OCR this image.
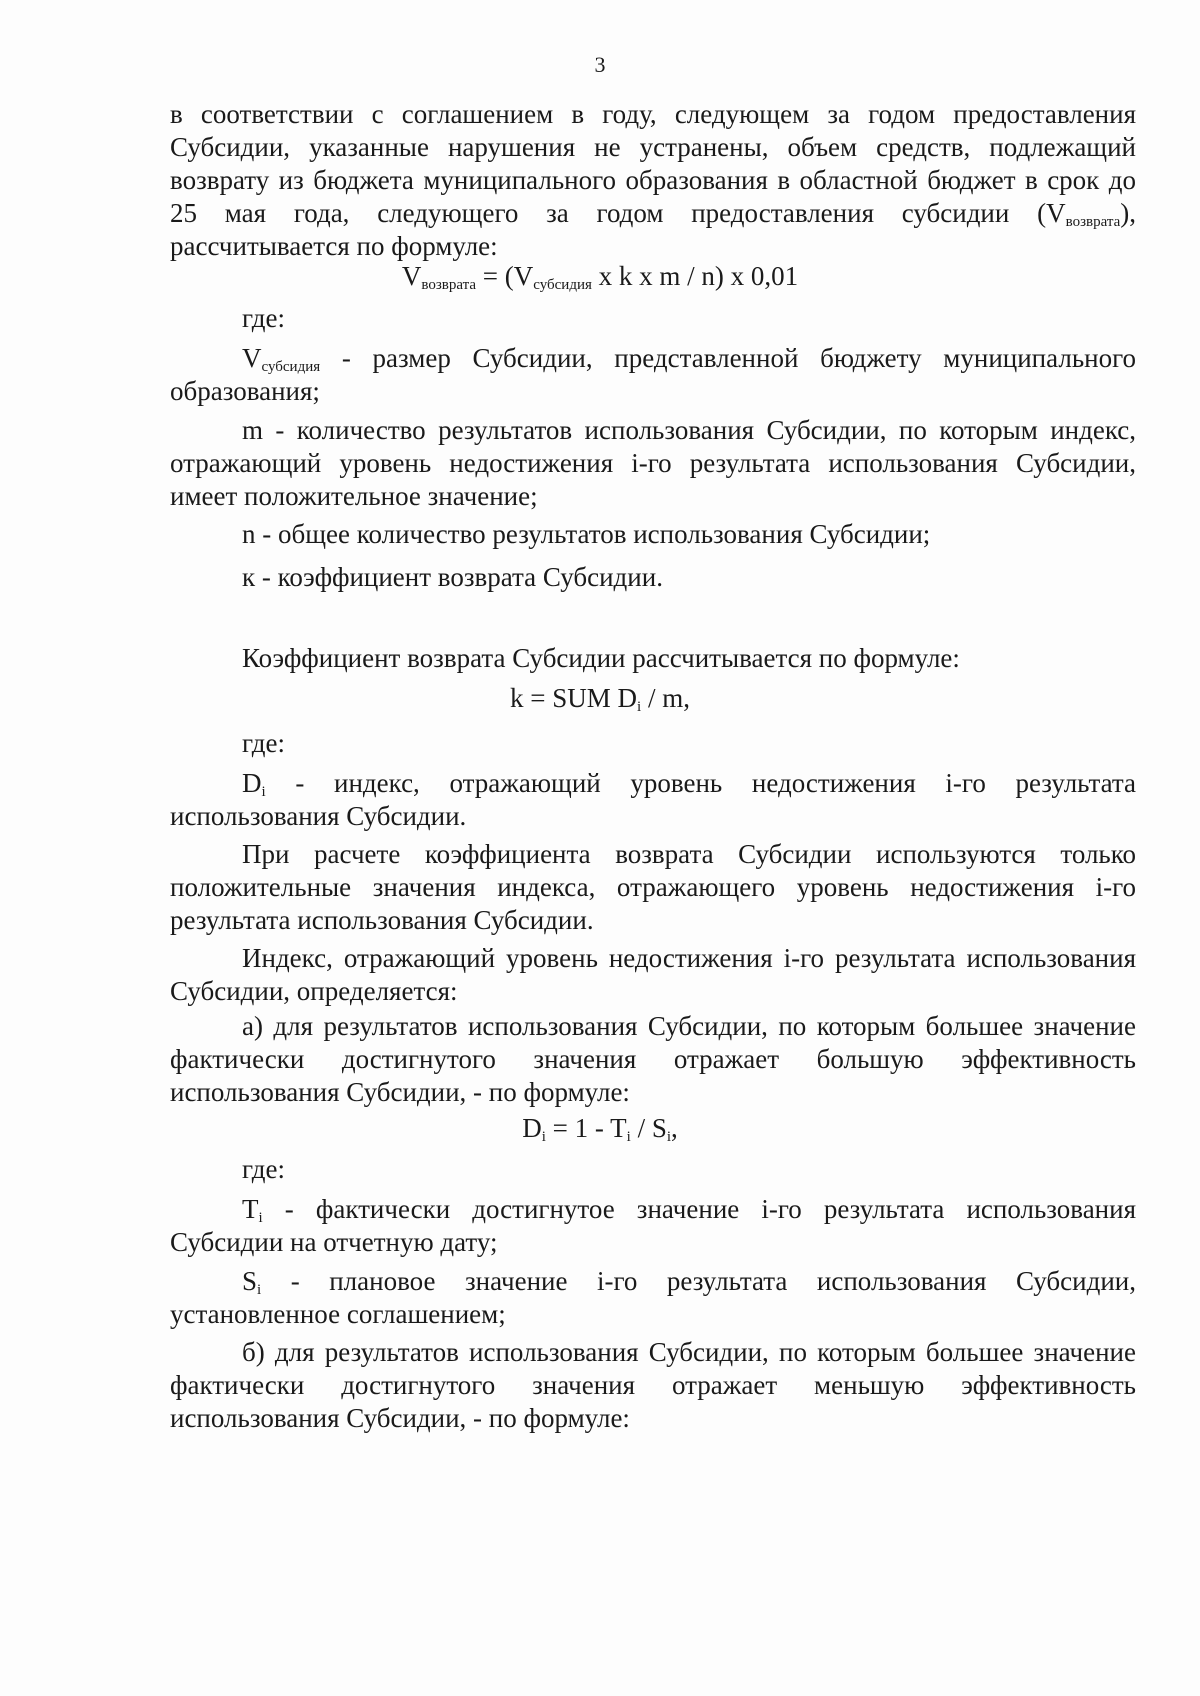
3

в соответствии с соглашением в году, следующем за годом предоставления Субсидии, указанные нарушения не устранены, объем средств, подлежащий возврату из бюджета муниципального образования в областной бюджет в срок до 25 мая года, следующего за годом предоставления субсидии $(V_{возврата})$, рассчитывается по формуле:

$V_{возврата} = (V_{субсидия}$ x k x m / n) x 0,01

где:

$V_{субсидия}$ - размер Субсидии, представленной бюджету муниципального образования;

m - количество результатов использования Субсидии, по которым индекс, отражающий уровень недостижения i-го результата использования Субсидии, имеет положительное значение;

n - общее количество результатов использования Субсидии;

к - коэффициент возврата Субсидии.

Коэффициент возврата Субсидии рассчитывается по формуле:

k = SUM $D_i$ / m,

где:

$D_i$ - индекс, отражающий уровень недостижения i-го результата использования Субсидии.

При расчете коэффициента возврата Субсидии используются только положительные значения индекса, отражающего уровень недостижения i-го результата использования Субсидии.

Индекс, отражающий уровень недостижения i-го результата использования Субсидии, определяется:

а) для результатов использования Субсидии, по которым большее значение фактически достигнутого значения отражает большую эффективность использования Субсидии, - по формуле:

$D_i = 1 - T_i / S_i$,

где:

$T_i$ - фактически достигнутое значение i-го результата использования Субсидии на отчетную дату;

$S_i$ - плановое значение i-го результата использования Субсидии, установленное соглашением;

б) для результатов использования Субсидии, по которым большее значение фактически достигнутого значения отражает меньшую эффективность использования Субсидии, - по формуле:
